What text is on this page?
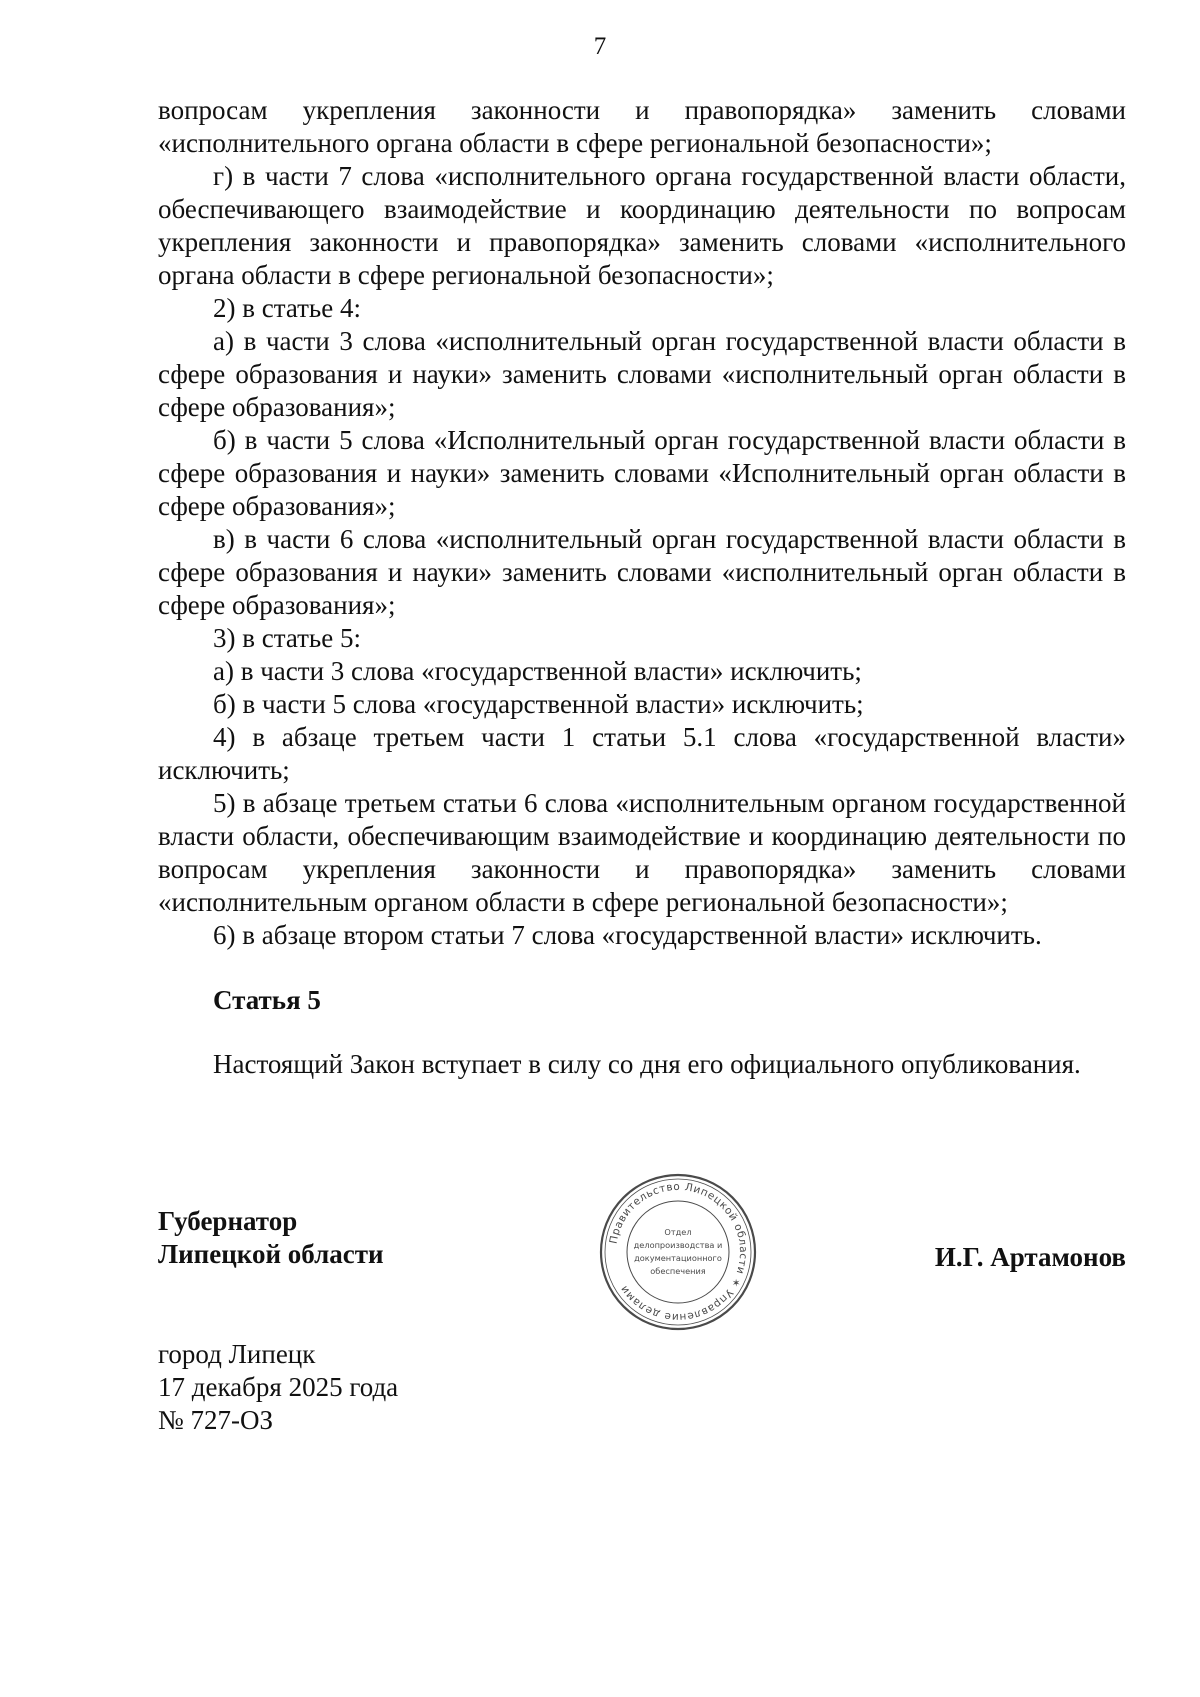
7

вопросам укрепления законности и правопорядка» заменить словами «исполнительного органа области в сфере региональной безопасности»;

г) в части 7 слова «исполнительного органа государственной власти области, обеспечивающего взаимодействие и координацию деятельности по вопросам укрепления законности и правопорядка» заменить словами «исполнительного органа области в сфере региональной безопасности»;

2) в статье 4:

а) в части 3 слова «исполнительный орган государственной власти области в сфере образования и науки» заменить словами «исполнительный орган области в сфере образования»;

б) в части 5 слова «Исполнительный орган государственной власти области в сфере образования и науки» заменить словами «Исполнительный орган области в сфере образования»;

в) в части 6 слова «исполнительный орган государственной власти области в сфере образования и науки» заменить словами «исполнительный орган области в сфере образования»;

3) в статье 5:

а) в части 3 слова «государственной власти» исключить;

б) в части 5 слова «государственной власти» исключить;

4) в абзаце третьем части 1 статьи 5.1 слова «государственной власти» исключить;

5) в абзаце третьем статьи 6 слова «исполнительным органом государственной власти области, обеспечивающим взаимодействие и координацию деятельности по вопросам укрепления законности и правопорядка» заменить словами «исполнительным органом области в сфере региональной безопасности»;

6) в абзаце втором статьи 7 слова «государственной власти» исключить.

Статья 5

Настоящий Закон вступает в силу со дня его официального опубликования.

Губернатор
Липецкой области	Правительство Липецкой области ✶ Управление делами
Отдел
делопроизводства и
документационного
обеспечения	И.Г. Артамонов
город Липецк
17 декабря 2025 года
№ 727-ОЗ
